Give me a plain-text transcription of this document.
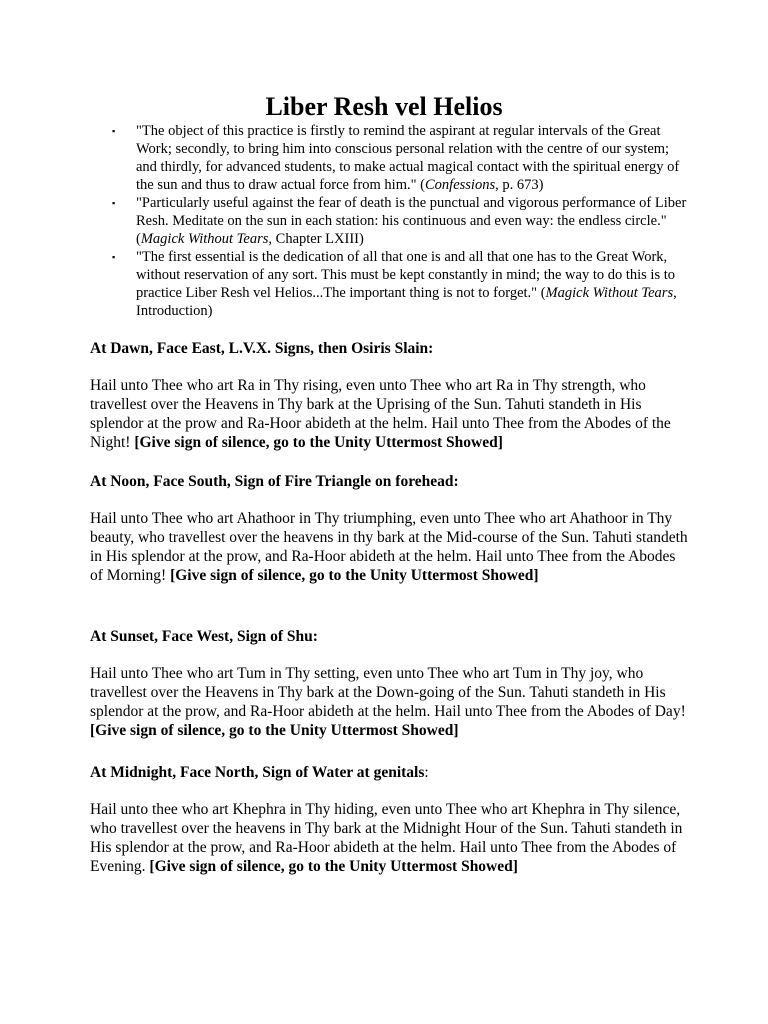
Liber Resh vel Helios
▪ "The object of this practice is firstly to remind the aspirant at regular intervals of the Great Work; secondly, to bring him into conscious personal relation with the centre of our system; and thirdly, for advanced students, to make actual magical contact with the spiritual energy of the sun and thus to draw actual force from him." (Confessions, p. 673)
▪ "Particularly useful against the fear of death is the punctual and vigorous performance of Liber Resh. Meditate on the sun in each station: his continuous and even way: the endless circle." (Magick Without Tears, Chapter LXIII)
▪ "The first essential is the dedication of all that one is and all that one has to the Great Work, without reservation of any sort. This must be kept constantly in mind; the way to do this is to practice Liber Resh vel Helios...The important thing is not to forget." (Magick Without Tears, Introduction)

At Dawn, Face East, L.V.X. Signs, then Osiris Slain:

Hail unto Thee who art Ra in Thy rising, even unto Thee who art Ra in Thy strength, who travellest over the Heavens in Thy bark at the Uprising of the Sun. Tahuti standeth in His splendor at the prow and Ra-Hoor abideth at the helm. Hail unto Thee from the Abodes of the Night! [Give sign of silence, go to the Unity Uttermost Showed]

At Noon, Face South, Sign of Fire Triangle on forehead:

Hail unto Thee who art Ahathoor in Thy triumphing, even unto Thee who art Ahathoor in Thy beauty, who travellest over the heavens in thy bark at the Mid-course of the Sun. Tahuti standeth in His splendor at the prow, and Ra-Hoor abideth at the helm. Hail unto Thee from the Abodes of Morning! [Give sign of silence, go to the Unity Uttermost Showed]

At Sunset, Face West, Sign of Shu:

Hail unto Thee who art Tum in Thy setting, even unto Thee who art Tum in Thy joy, who travellest over the Heavens in Thy bark at the Down-going of the Sun. Tahuti standeth in His splendor at the prow, and Ra-Hoor abideth at the helm. Hail unto Thee from the Abodes of Day! [Give sign of silence, go to the Unity Uttermost Showed]

At Midnight, Face North, Sign of Water at genitals:

Hail unto thee who art Khephra in Thy hiding, even unto Thee who art Khephra in Thy silence, who travellest over the heavens in Thy bark at the Midnight Hour of the Sun. Tahuti standeth in His splendor at the prow, and Ra-Hoor abideth at the helm. Hail unto Thee from the Abodes of Evening. [Give sign of silence, go to the Unity Uttermost Showed]
